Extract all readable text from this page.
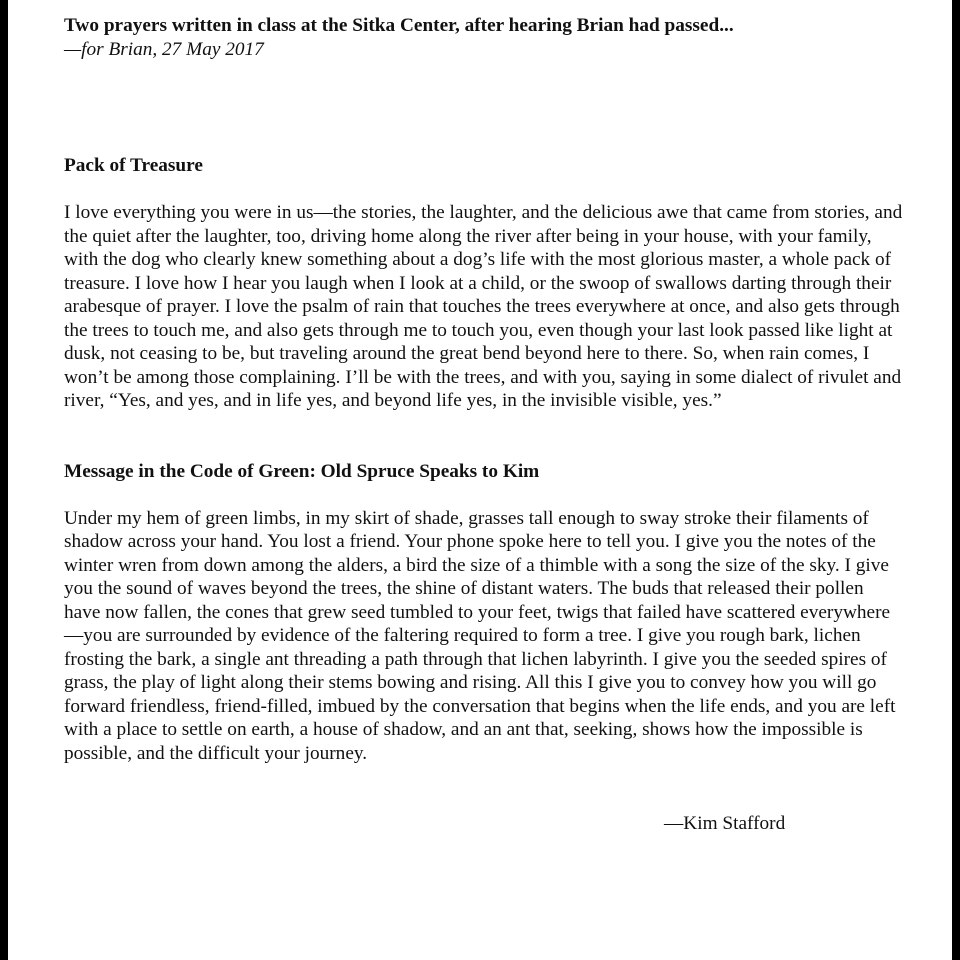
Two prayers written in class at the Sitka Center, after hearing Brian had passed...

—for Brian, 27 May 2017

Pack of Treasure

I love everything you were in us—the stories, the laughter, and the delicious awe that came from stories, and the quiet after the laughter, too, driving home along the river after being in your house, with your family, with the dog who clearly knew something about a dog’s life with the most glorious master, a whole pack of treasure. I love how I hear you laugh when I look at a child, or the swoop of swallows darting through their arabesque of prayer. I love the psalm of rain that touches the trees everywhere at once, and also gets through the trees to touch me, and also gets through me to touch you, even though your last look passed like light at dusk, not ceasing to be, but traveling around the great bend beyond here to there. So, when rain comes, I won’t be among those complaining. I’ll be with the trees, and with you, saying in some dialect of rivulet and river, “Yes, and yes, and in life yes, and beyond life yes, in the invisible visible, yes.”

Message in the Code of Green: Old Spruce Speaks to Kim

Under my hem of green limbs, in my skirt of shade, grasses tall enough to sway stroke their filaments of shadow across your hand. You lost a friend. Your phone spoke here to tell you. I give you the notes of the winter wren from down among the alders, a bird the size of a thimble with a song the size of the sky. I give you the sound of waves beyond the trees, the shine of distant waters. The buds that released their pollen have now fallen, the cones that grew seed tumbled to your feet, twigs that failed have scattered everywhere—you are surrounded by evidence of the faltering required to form a tree. I give you rough bark, lichen frosting the bark, a single ant threading a path through that lichen labyrinth. I give you the seeded spires of grass, the play of light along their stems bowing and rising. All this I give you to convey how you will go forward friendless, friend-filled, imbued by the conversation that begins when the life ends, and you are left with a place to settle on earth, a house of shadow, and an ant that, seeking, shows how the impossible is possible, and the difficult your journey.

—Kim Stafford
